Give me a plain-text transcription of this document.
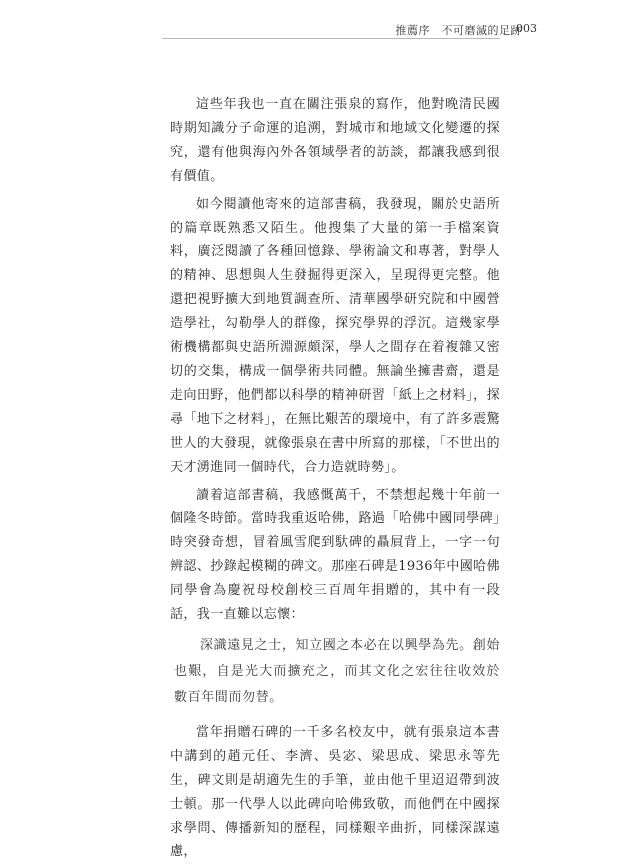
推薦序　不可磨滅的足跡
003

這些年我也一直在關注張泉的寫作，他對晚清民國時期知識分子命運的追溯，對城市和地域文化變遷的探究，還有他與海內外各領域學者的訪談，都讓我感到很有價值。

如今閱讀他寄來的這部書稿，我發現，關於史語所的篇章既熟悉又陌生。他搜集了大量的第一手檔案資料，廣泛閱讀了各種回憶錄、學術論文和專著，對學人的精神、思想與人生發掘得更深入，呈現得更完整。他還把視野擴大到地質調查所、清華國學研究院和中國營造學社，勾勒學人的群像，探究學界的浮沉。這幾家學術機構都與史語所淵源頗深，學人之間存在着複雜又密切的交集，構成一個學術共同體。無論坐擁書齋，還是走向田野，他們都以科學的精神研習「紙上之材料」，探尋「地下之材料」，在無比艱苦的環境中，有了許多震驚世人的大發現，就像張泉在書中所寫的那樣，「不世出的天才湧進同一個時代，合力造就時勢」。

讀着這部書稿，我感慨萬千，不禁想起幾十年前一個隆冬時節。當時我重返哈佛，路過「哈佛中國同學碑」時突發奇想，冒着風雪爬到馱碑的贔屓背上，一字一句辨認、抄錄起模糊的碑文。那座石碑是1936年中國哈佛同學會為慶祝母校創校三百周年捐贈的，其中有一段話，我一直難以忘懷：

深識遠見之士，知立國之本必在以興學為先。創始也艱，自是光大而擴充之，而其文化之宏往往收效於數百年間而勿替。

當年捐贈石碑的一千多名校友中，就有張泉這本書中講到的趙元任、李濟、吳宓、梁思成、梁思永等先生，碑文則是胡適先生的手筆，並由他千里迢迢帶到波士頓。那一代學人以此碑向哈佛致敬，而他們在中國探求學問、傳播新知的歷程，同樣艱辛曲折，同樣深謀遠慮，
